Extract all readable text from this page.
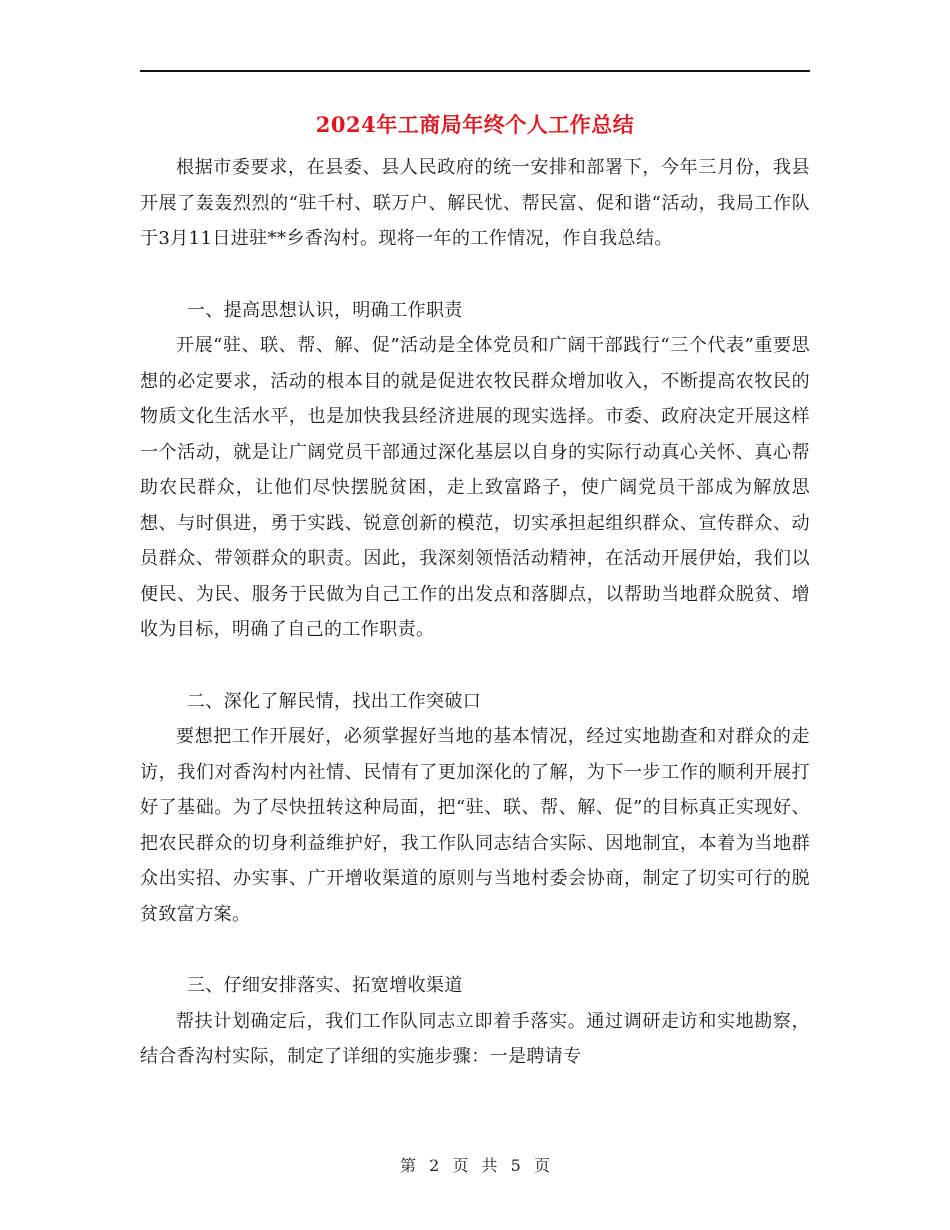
2024年工商局年终个人工作总结

根据市委要求，在县委、县人民政府的统一安排和部署下，今年三月份，我县开展了轰轰烈烈的“驻千村、联万户、解民忧、帮民富、促和谐“活动，我局工作队于3月11日进驻**乡香沟村。现将一年的工作情况，作自我总结。

一、提高思想认识，明确工作职责

开展“驻、联、帮、解、促”活动是全体党员和广阔干部践行“三个代表”重要思想的必定要求，活动的根本目的就是促进农牧民群众增加收入，不断提高农牧民的物质文化生活水平，也是加快我县经济进展的现实选择。市委、政府决定开展这样一个活动，就是让广阔党员干部通过深化基层以自身的实际行动真心关怀、真心帮助农民群众，让他们尽快摆脱贫困，走上致富路子，使广阔党员干部成为解放思想、与时俱进，勇于实践、锐意创新的模范，切实承担起组织群众、宣传群众、动员群众、带领群众的职责。因此，我深刻领悟活动精神，在活动开展伊始，我们以便民、为民、服务于民做为自己工作的出发点和落脚点，以帮助当地群众脱贫、增收为目标，明确了自己的工作职责。

二、深化了解民情，找出工作突破口

要想把工作开展好，必须掌握好当地的基本情况，经过实地勘查和对群众的走访，我们对香沟村内社情、民情有了更加深化的了解，为下一步工作的顺利开展打好了基础。为了尽快扭转这种局面，把“驻、联、帮、解、促”的目标真正实现好、把农民群众的切身利益维护好，我工作队同志结合实际、因地制宜，本着为当地群众出实招、办实事、广开增收渠道的原则与当地村委会协商，制定了切实可行的脱贫致富方案。

三、仔细安排落实、拓宽增收渠道

帮扶计划确定后，我们工作队同志立即着手落实。通过调研走访和实地勘察，结合香沟村实际，制定了详细的实施步骤：一是聘请专

第 2 页 共 5 页
